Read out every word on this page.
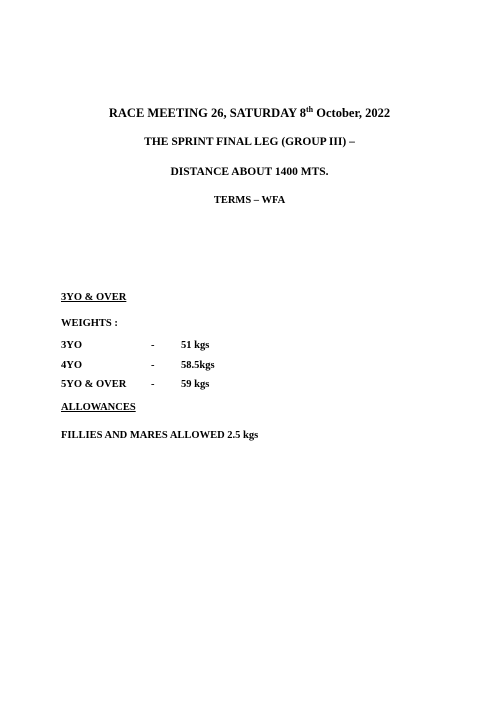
RACE MEETING 26, SATURDAY 8th October, 2022
THE SPRINT FINAL LEG (GROUP III) –
DISTANCE ABOUT 1400 MTS.
TERMS – WFA
3YO & OVER
WEIGHTS :
3YO	-	51 kgs
4YO	-	58.5kgs
5YO & OVER -	59 kgs
ALLOWANCES
FILLIES AND MARES ALLOWED 2.5 kgs
